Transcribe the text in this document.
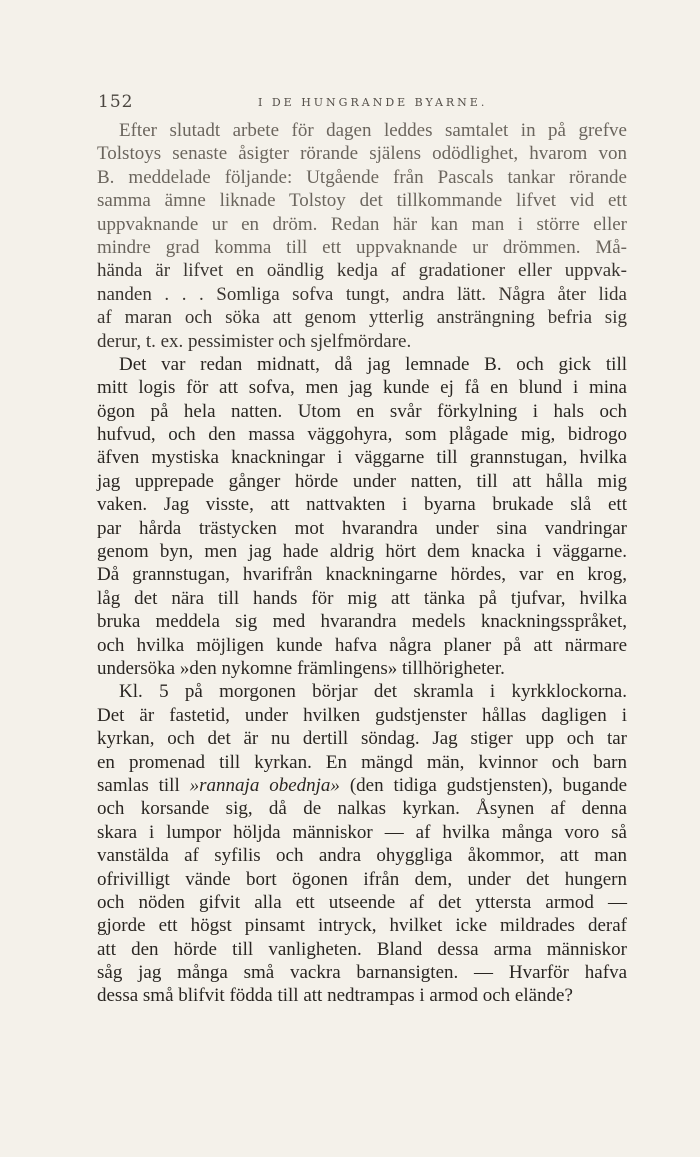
152	I DE HUNGRANDE BYARNE.
Efter slutadt arbete för dagen leddes samtalet in på grefve
Tolstoys senaste åsigter rörande själens odödlighet, hvarom von
B. meddelade följande: Utgående från Pascals tankar rörande
samma ämne liknade Tolstoy det tillkommande lifvet vid ett
uppvaknande ur en dröm. Redan här kan man i större eller
mindre grad komma till ett uppvaknande ur drömmen. Må-
hända är lifvet en oändlig kedja af gradationer eller uppvak-
nanden . . . Somliga sofva tungt, andra lätt. Några åter lida
af maran och söka att genom ytterlig ansträngning befria sig
derur, t. ex. pessimister och sjelfmördare.
Det var redan midnatt, då jag lemnade B. och gick till
mitt logis för att sofva, men jag kunde ej få en blund i mina
ögon på hela natten. Utom en svår förkylning i hals och
hufvud, och den massa väggohyra, som plågade mig, bidrogo
äfven mystiska knackningar i väggarne till grannstugan, hvilka
jag upprepade gånger hörde under natten, till att hålla mig
vaken. Jag visste, att nattvakten i byarna brukade slå ett
par hårda trästycken mot hvarandra under sina vandringar
genom byn, men jag hade aldrig hört dem knacka i väggarne.
Då grannstugan, hvarifrån knackningarne hördes, var en krog,
låg det nära till hands för mig att tänka på tjufvar, hvilka
bruka meddela sig med hvarandra medels knackningsspråket,
och hvilka möjligen kunde hafva några planer på att närmare
undersöka »den nykomne främlingens» tillhörigheter.
Kl. 5 på morgonen börjar det skramla i kyrkklockorna.
Det är fastetid, under hvilken gudstjenster hållas dagligen i
kyrkan, och det är nu dertill söndag. Jag stiger upp och tar
en promenad till kyrkan. En mängd män, kvinnor och barn
samlas till »rannaja obednja» (den tidiga gudstjensten), bugande
och korsande sig, då de nalkas kyrkan. Åsynen af denna
skara i lumpor höljda människor — af hvilka många voro så
vanstälda af syfilis och andra ohyggliga åkommor, att man
ofrivilligt vände bort ögonen ifrån dem, under det hungern
och nöden gifvit alla ett utseende af det yttersta armod —
gjorde ett högst pinsamt intryck, hvilket icke mildrades deraf
att den hörde till vanligheten. Bland dessa arma människor
såg jag många små vackra barnansigten. — Hvarför hafva
dessa små blifvit födda till att nedtrampas i armod och elände?
